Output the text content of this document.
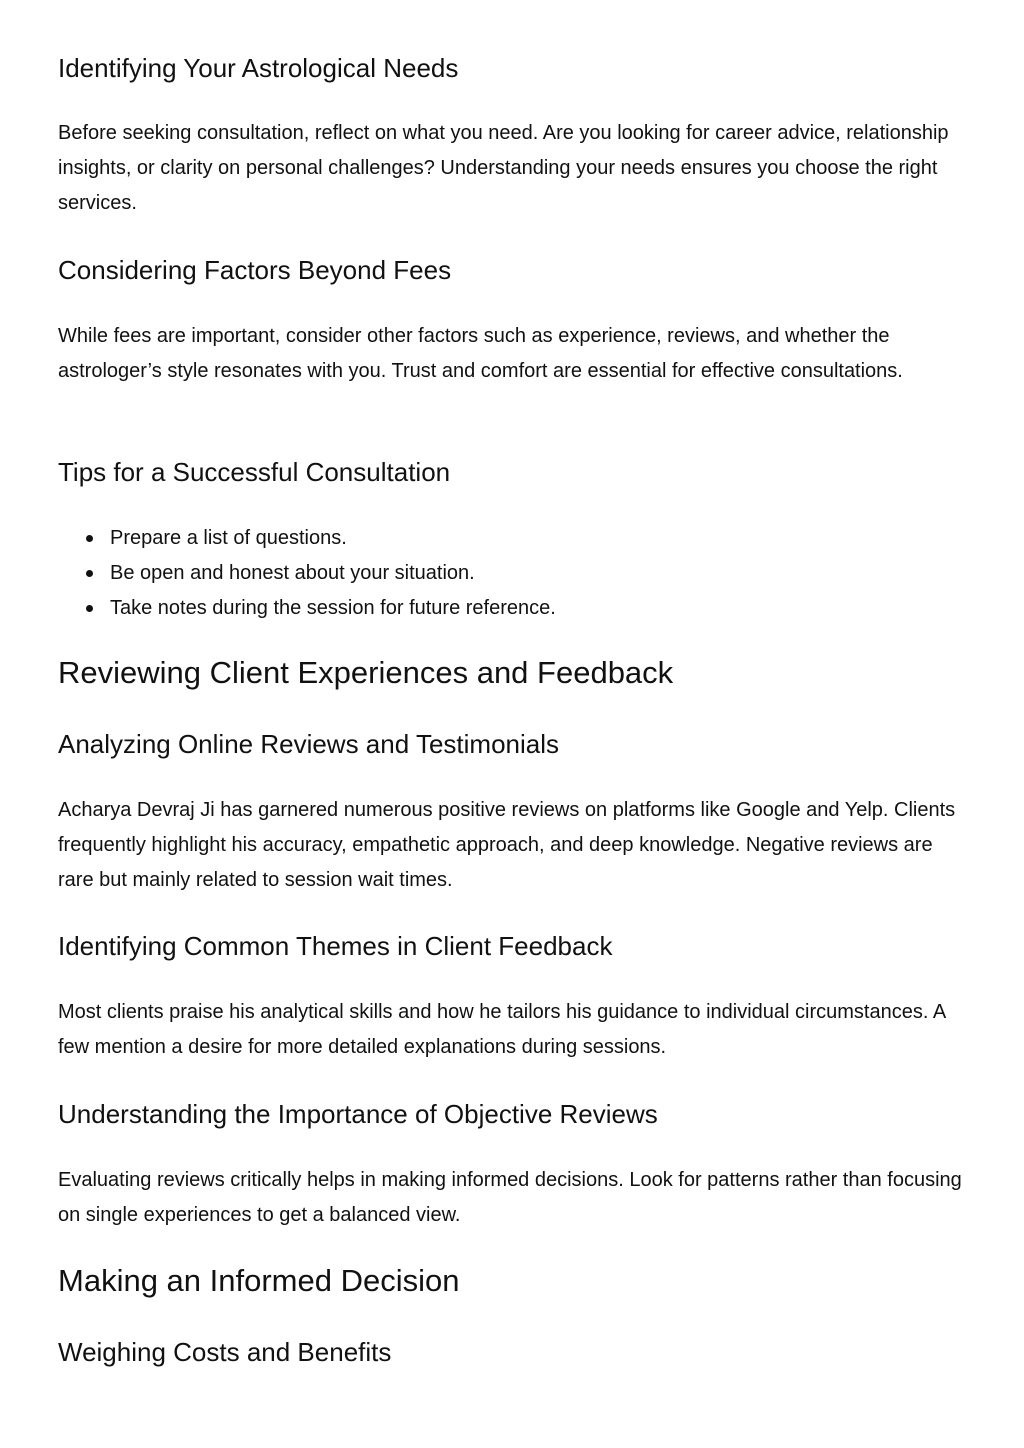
Identifying Your Astrological Needs

Before seeking consultation, reflect on what you need. Are you looking for career advice, relationship insights, or clarity on personal challenges? Understanding your needs ensures you choose the right services.

Considering Factors Beyond Fees

While fees are important, consider other factors such as experience, reviews, and whether the astrologer’s style resonates with you. Trust and comfort are essential for effective consultations.

Tips for a Successful Consultation
Prepare a list of questions.
Be open and honest about your situation.
Take notes during the session for future reference.
Reviewing Client Experiences and Feedback
Analyzing Online Reviews and Testimonials

Acharya Devraj Ji has garnered numerous positive reviews on platforms like Google and Yelp. Clients frequently highlight his accuracy, empathetic approach, and deep knowledge. Negative reviews are rare but mainly related to session wait times.

Identifying Common Themes in Client Feedback

Most clients praise his analytical skills and how he tailors his guidance to individual circumstances. A few mention a desire for more detailed explanations during sessions.

Understanding the Importance of Objective Reviews

Evaluating reviews critically helps in making informed decisions. Look for patterns rather than focusing on single experiences to get a balanced view.

Making an Informed Decision
Weighing Costs and Benefits
